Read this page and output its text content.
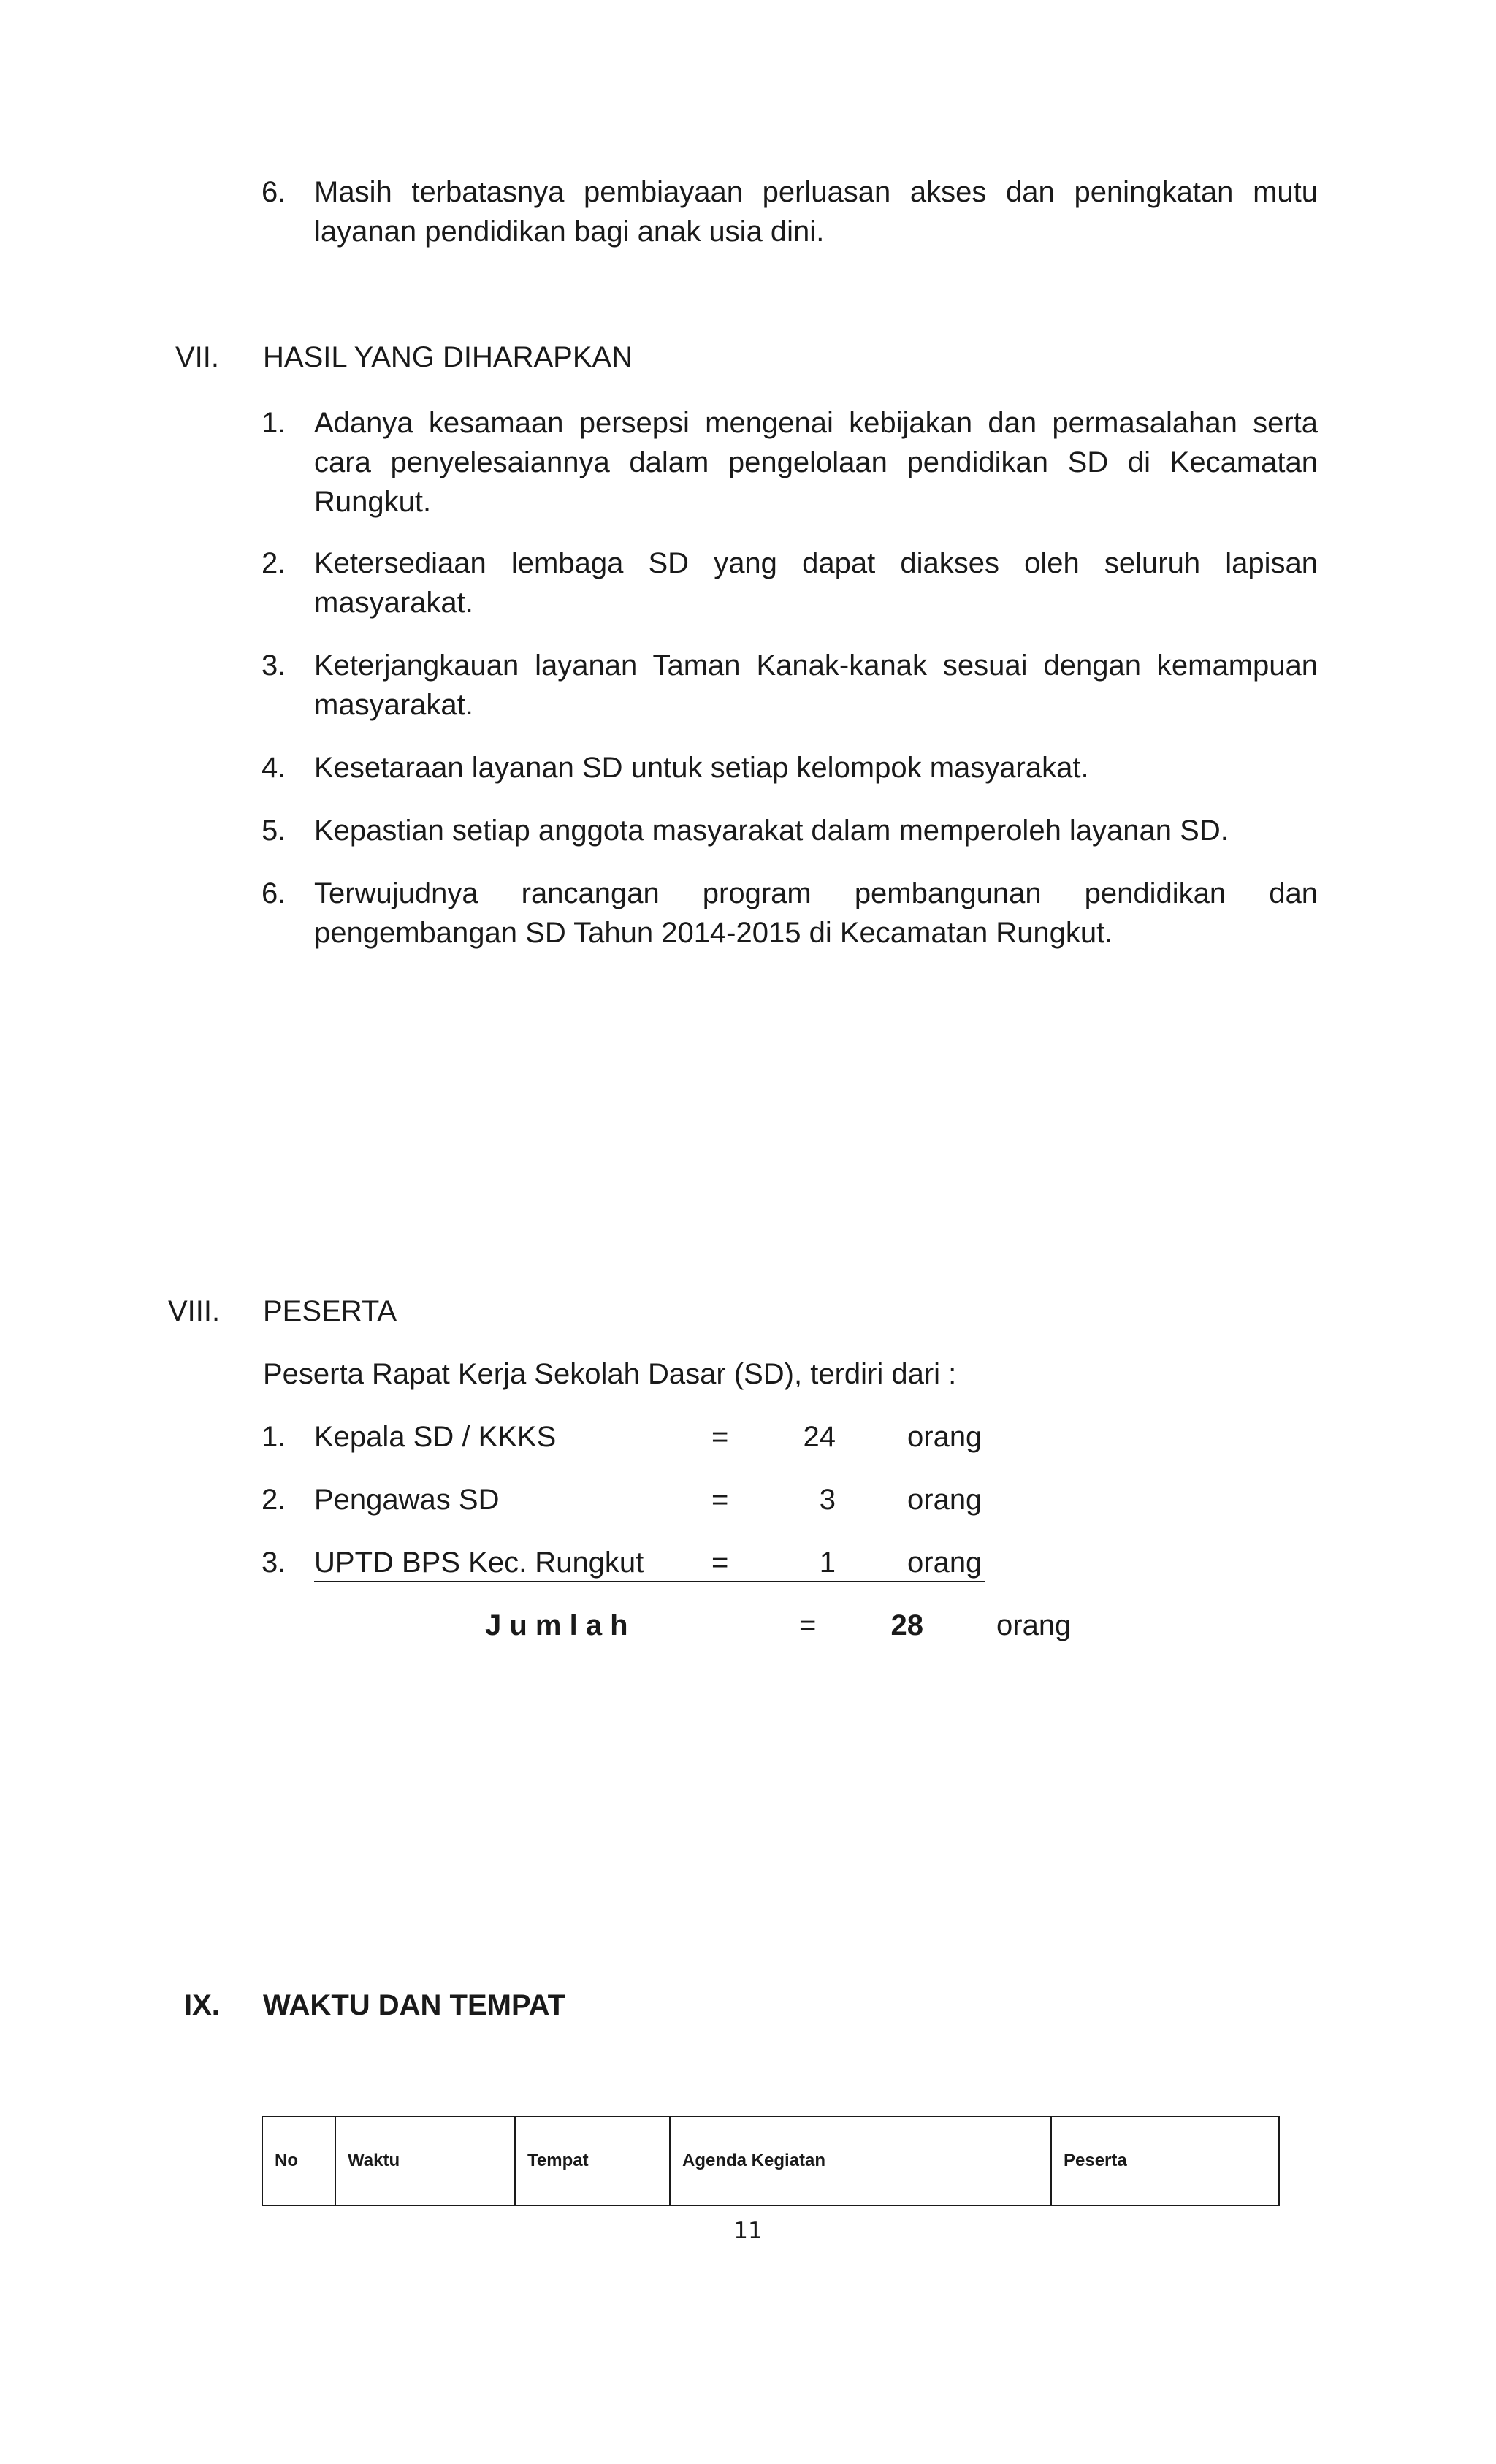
6. Masih terbatasnya pembiayaan perluasan akses dan peningkatan mutu
layanan pendidikan bagi anak usia dini.
VII. HASIL YANG DIHARAPKAN
1. Adanya kesamaan persepsi mengenai kebijakan dan permasalahan serta
cara penyelesaiannya dalam pengelolaan pendidikan SD di Kecamatan
Rungkut.
2. Ketersediaan lembaga SD yang dapat diakses oleh seluruh lapisan
masyarakat.
3. Keterjangkauan layanan Taman Kanak-kanak sesuai dengan kemampuan
masyarakat.
4. Kesetaraan layanan SD untuk setiap kelompok masyarakat.
5. Kepastian setiap anggota masyarakat dalam memperoleh layanan SD.
6. Terwujudnya rancangan program pembangunan pendidikan dan
pengembangan SD Tahun 2014-2015 di Kecamatan Rungkut.
VIII. PESERTA
Peserta Rapat Kerja Sekolah Dasar (SD), terdiri dari :
1. Kepala SD / KKKS	=	24 orang
2. Pengawas SD	=	3 orang
3. UPTD BPS Kec. Rungkut =	1 orang
J u m l a h	=	28	orang
IX. WAKTU DAN TEMPAT
No	Waktu	Tempat	Agenda Kegiatan	Peserta
11
